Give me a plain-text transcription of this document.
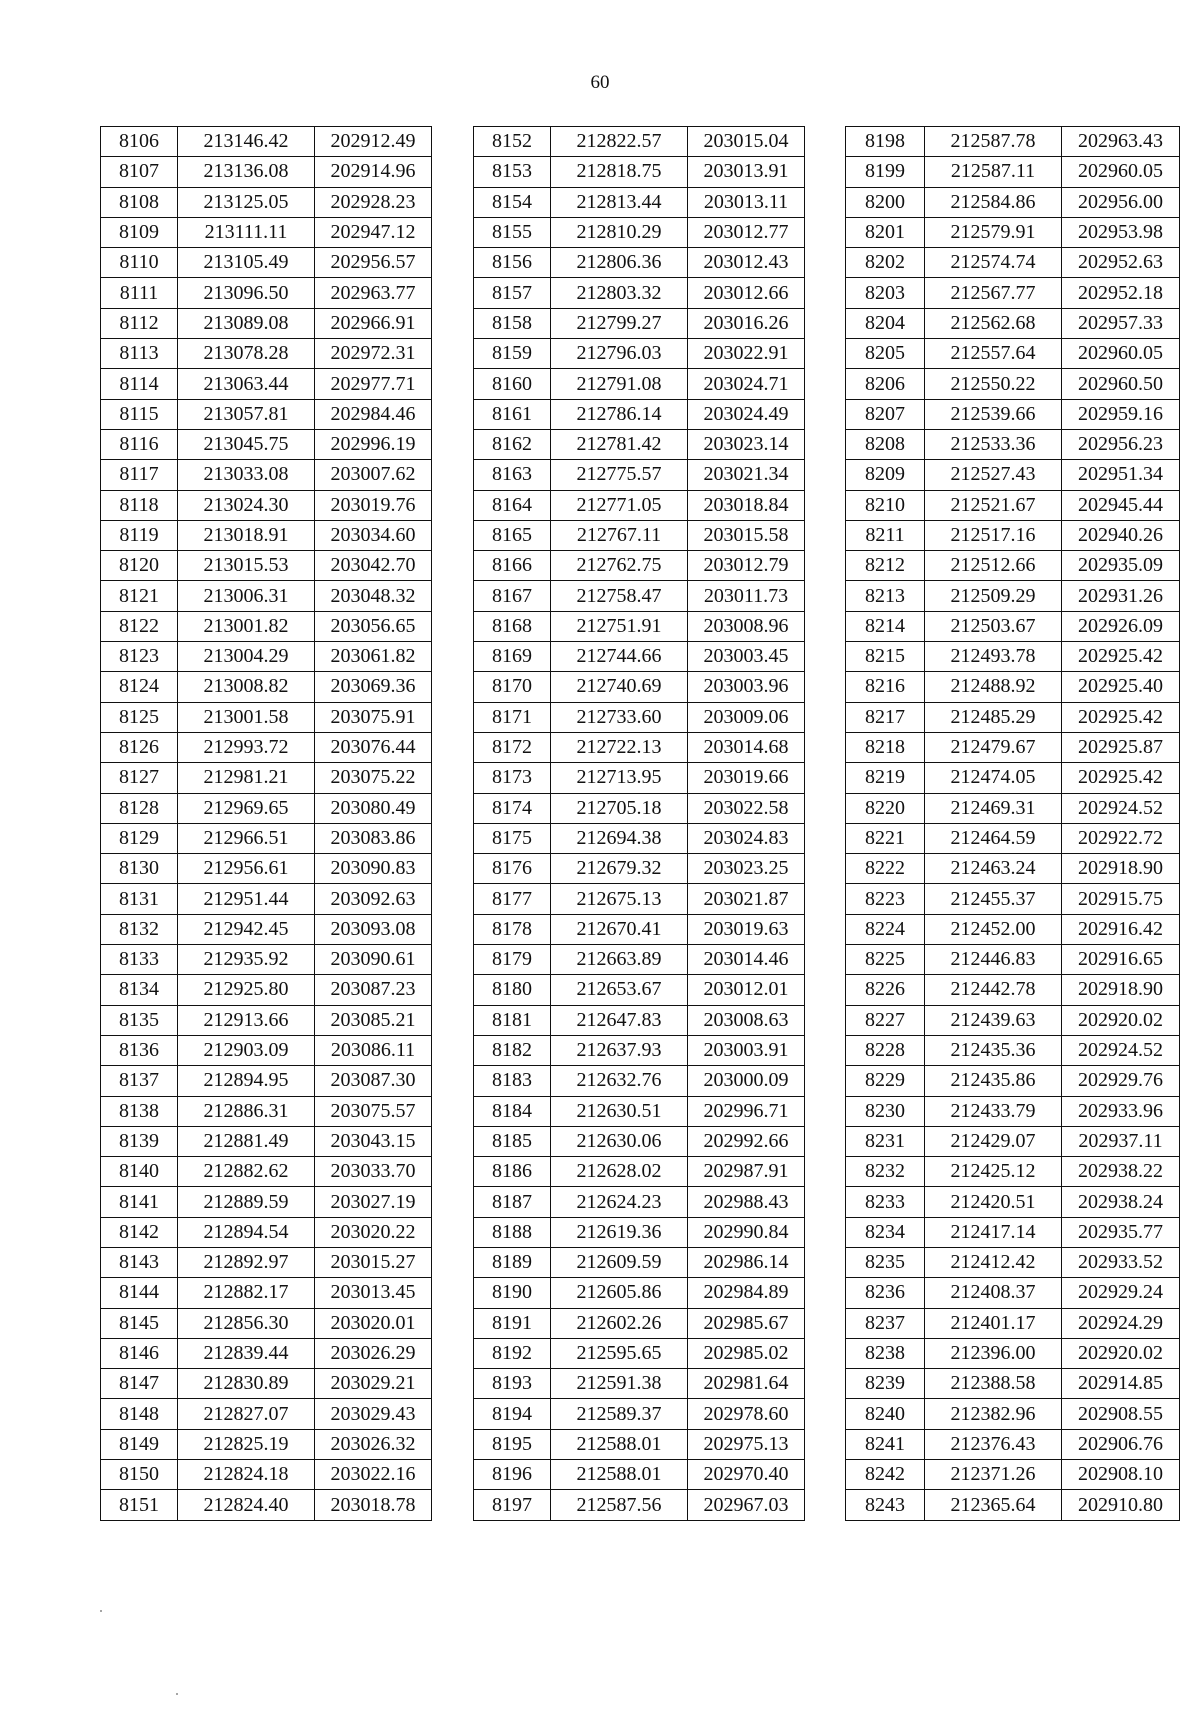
60
8106	213146.42	202912.49
8107	213136.08	202914.96
8108	213125.05	202928.23
8109	213111.11	202947.12
8110	213105.49	202956.57
8111	213096.50	202963.77
8112	213089.08	202966.91
8113	213078.28	202972.31
8114	213063.44	202977.71
8115	213057.81	202984.46
8116	213045.75	202996.19
8117	213033.08	203007.62
8118	213024.30	203019.76
8119	213018.91	203034.60
8120	213015.53	203042.70
8121	213006.31	203048.32
8122	213001.82	203056.65
8123	213004.29	203061.82
8124	213008.82	203069.36
8125	213001.58	203075.91
8126	212993.72	203076.44
8127	212981.21	203075.22
8128	212969.65	203080.49
8129	212966.51	203083.86
8130	212956.61	203090.83
8131	212951.44	203092.63
8132	212942.45	203093.08
8133	212935.92	203090.61
8134	212925.80	203087.23
8135	212913.66	203085.21
8136	212903.09	203086.11
8137	212894.95	203087.30
8138	212886.31	203075.57
8139	212881.49	203043.15
8140	212882.62	203033.70
8141	212889.59	203027.19
8142	212894.54	203020.22
8143	212892.97	203015.27
8144	212882.17	203013.45
8145	212856.30	203020.01
8146	212839.44	203026.29
8147	212830.89	203029.21
8148	212827.07	203029.43
8149	212825.19	203026.32
8150	212824.18	203022.16
8151	212824.40	203018.78
8152	212822.57	203015.04
8153	212818.75	203013.91
8154	212813.44	203013.11
8155	212810.29	203012.77
8156	212806.36	203012.43
8157	212803.32	203012.66
8158	212799.27	203016.26
8159	212796.03	203022.91
8160	212791.08	203024.71
8161	212786.14	203024.49
8162	212781.42	203023.14
8163	212775.57	203021.34
8164	212771.05	203018.84
8165	212767.11	203015.58
8166	212762.75	203012.79
8167	212758.47	203011.73
8168	212751.91	203008.96
8169	212744.66	203003.45
8170	212740.69	203003.96
8171	212733.60	203009.06
8172	212722.13	203014.68
8173	212713.95	203019.66
8174	212705.18	203022.58
8175	212694.38	203024.83
8176	212679.32	203023.25
8177	212675.13	203021.87
8178	212670.41	203019.63
8179	212663.89	203014.46
8180	212653.67	203012.01
8181	212647.83	203008.63
8182	212637.93	203003.91
8183	212632.76	203000.09
8184	212630.51	202996.71
8185	212630.06	202992.66
8186	212628.02	202987.91
8187	212624.23	202988.43
8188	212619.36	202990.84
8189	212609.59	202986.14
8190	212605.86	202984.89
8191	212602.26	202985.67
8192	212595.65	202985.02
8193	212591.38	202981.64
8194	212589.37	202978.60
8195	212588.01	202975.13
8196	212588.01	202970.40
8197	212587.56	202967.03
8198	212587.78	202963.43
8199	212587.11	202960.05
8200	212584.86	202956.00
8201	212579.91	202953.98
8202	212574.74	202952.63
8203	212567.77	202952.18
8204	212562.68	202957.33
8205	212557.64	202960.05
8206	212550.22	202960.50
8207	212539.66	202959.16
8208	212533.36	202956.23
8209	212527.43	202951.34
8210	212521.67	202945.44
8211	212517.16	202940.26
8212	212512.66	202935.09
8213	212509.29	202931.26
8214	212503.67	202926.09
8215	212493.78	202925.42
8216	212488.92	202925.40
8217	212485.29	202925.42
8218	212479.67	202925.87
8219	212474.05	202925.42
8220	212469.31	202924.52
8221	212464.59	202922.72
8222	212463.24	202918.90
8223	212455.37	202915.75
8224	212452.00	202916.42
8225	212446.83	202916.65
8226	212442.78	202918.90
8227	212439.63	202920.02
8228	212435.36	202924.52
8229	212435.86	202929.76
8230	212433.79	202933.96
8231	212429.07	202937.11
8232	212425.12	202938.22
8233	212420.51	202938.24
8234	212417.14	202935.77
8235	212412.42	202933.52
8236	212408.37	202929.24
8237	212401.17	202924.29
8238	212396.00	202920.02
8239	212388.58	202914.85
8240	212382.96	202908.55
8241	212376.43	202906.76
8242	212371.26	202908.10
8243	212365.64	202910.80
